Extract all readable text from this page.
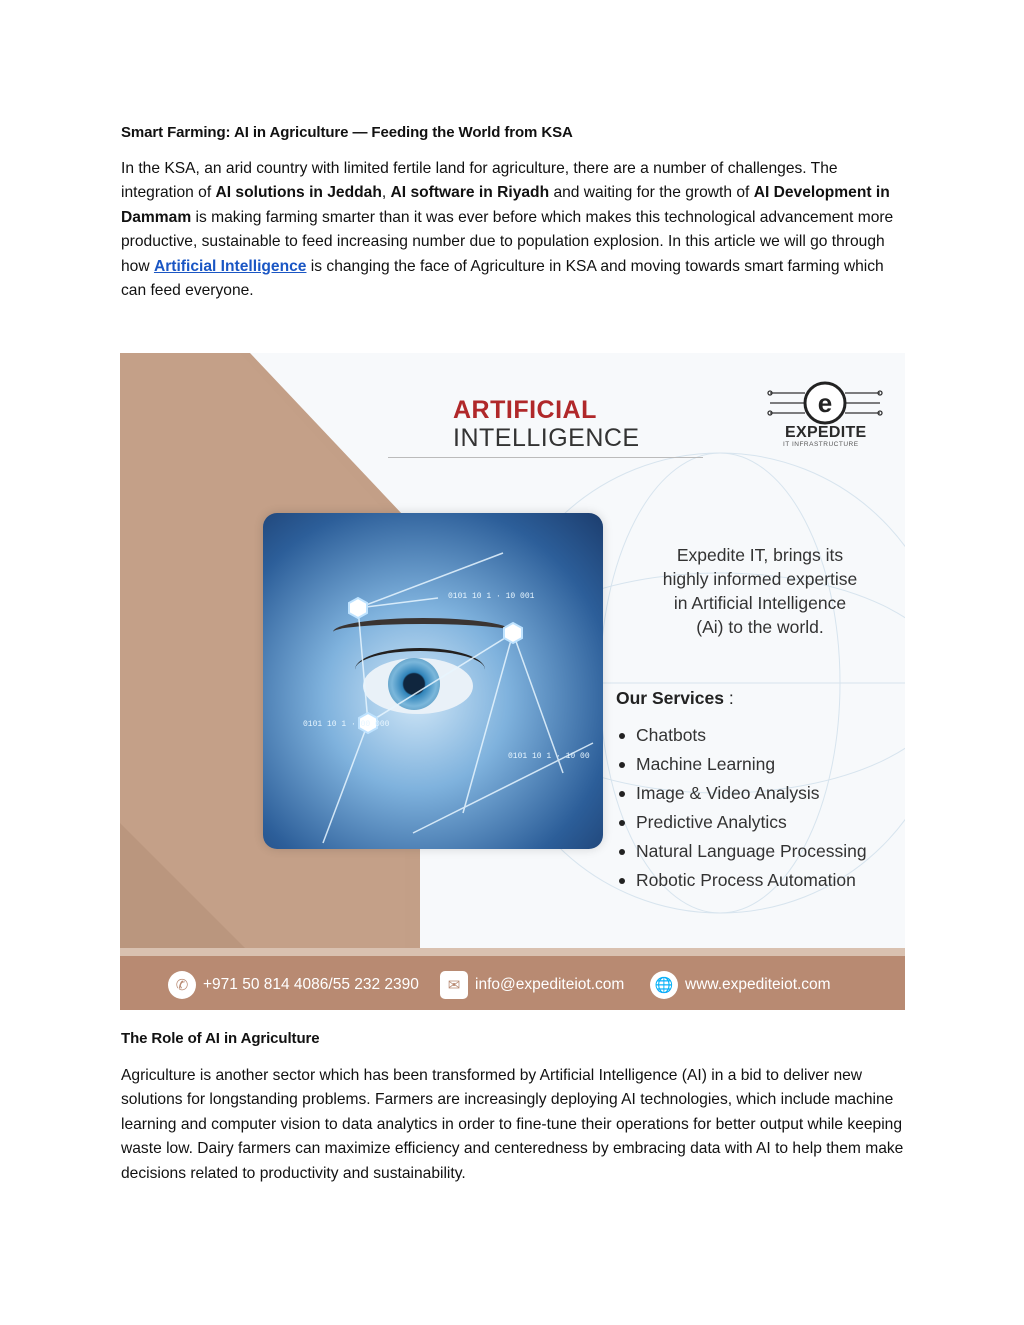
Smart Farming: AI in Agriculture — Feeding the World from KSA
In the KSA, an arid country with limited fertile land for agriculture, there are a number of challenges. The integration of AI solutions in Jeddah, AI software in Riyadh and waiting for the growth of AI Development in Dammam is making farming smarter than it was ever before which makes this technological advancement more productive, sustainable to feed increasing number due to population explosion. In this article we will go through how Artificial Intelligence is changing the face of Agriculture in KSA and moving towards smart farming which can feed everyone.
ARTIFICIAL
INTELLIGENCE
e
EXPEDITE
IT INFRASTRUCTURE
0101 10 1 · 10 001
0101 10 1 · 00 000
0101 10 1 · 10 00
Expedite IT, brings its
highly informed expertise
in Artificial Intelligence
(Ai) to the world.
Our Services :
Chatbots
Machine Learning
Image & Video Analysis
Predictive Analytics
Natural Language Processing
Robotic Process Automation
✆ +971 50 814 4086/55 232 2390	✉ info@expediteiot.com	🌐 www.expediteiot.com
The Role of AI in Agriculture
Agriculture is another sector which has been transformed by Artificial Intelligence (AI) in a bid to deliver new solutions for longstanding problems. Farmers are increasingly deploying AI technologies, which include machine learning and computer vision to data analytics in order to fine-tune their operations for better output while keeping waste low. Dairy farmers can maximize efficiency and centeredness by embracing data with AI to help them make decisions related to productivity and sustainability.
